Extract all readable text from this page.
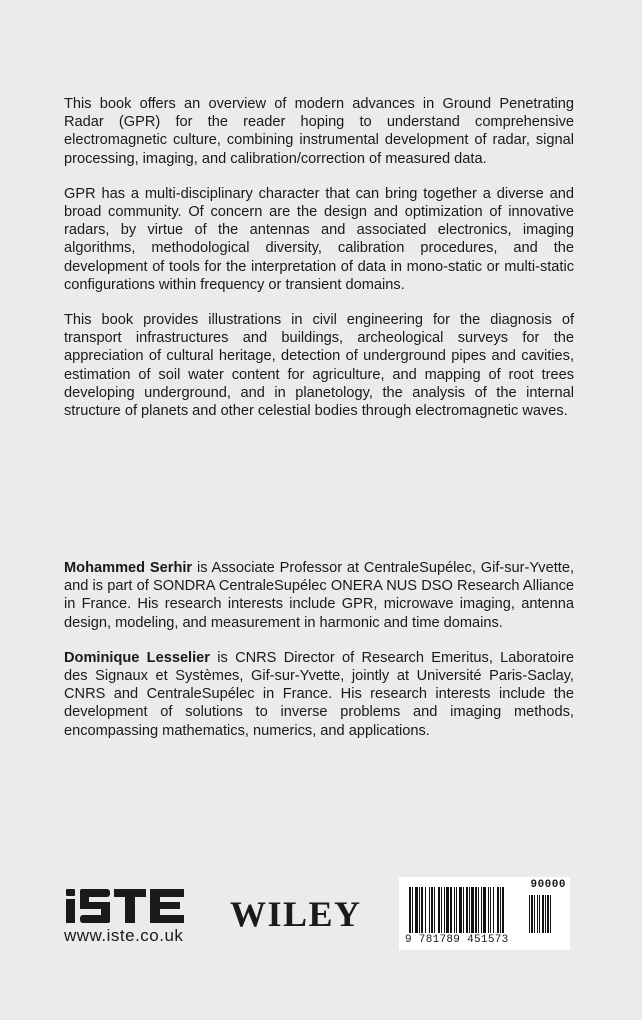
This book offers an overview of modern advances in Ground Penetrating Radar (GPR) for the reader hoping to understand comprehensive electromagnetic culture, combining instrumental development of radar, signal processing, imaging, and calibration/correction of measured data.

GPR has a multi-disciplinary character that can bring together a diverse and broad community. Of concern are the design and optimization of innovative radars, by virtue of the antennas and associated electronics, imaging algorithms, methodological diversity, calibration procedures, and the development of tools for the interpretation of data in mono-static or multi-static configurations within frequency or transient domains.

This book provides illustrations in civil engineering for the diagnosis of transport infrastructures and buildings, archeological surveys for the appreciation of cultural heritage, detection of underground pipes and cavities, estimation of soil water content for agriculture, and mapping of root trees developing underground, and in planetology, the analysis of the internal structure of planets and other celestial bodies through electromagnetic waves.

Mohammed Serhir is Associate Professor at CentraleSupélec, Gif-sur-Yvette, and is part of SONDRA CentraleSupélec ONERA NUS DSO Research Alliance in France. His research interests include GPR, microwave imaging, antenna design, modeling, and measurement in harmonic and time domains.

Dominique Lesselier is CNRS Director of Research Emeritus, Laboratoire des Signaux et Systèmes, Gif-sur-Yvette, jointly at Université Paris-Saclay, CNRS and CentraleSupélec in France. His research interests include the development of solutions to inverse problems and imaging methods, encompassing mathematics, numerics, and applications.

www.iste.co.uk
WILEY
90000
9 781789 451573
